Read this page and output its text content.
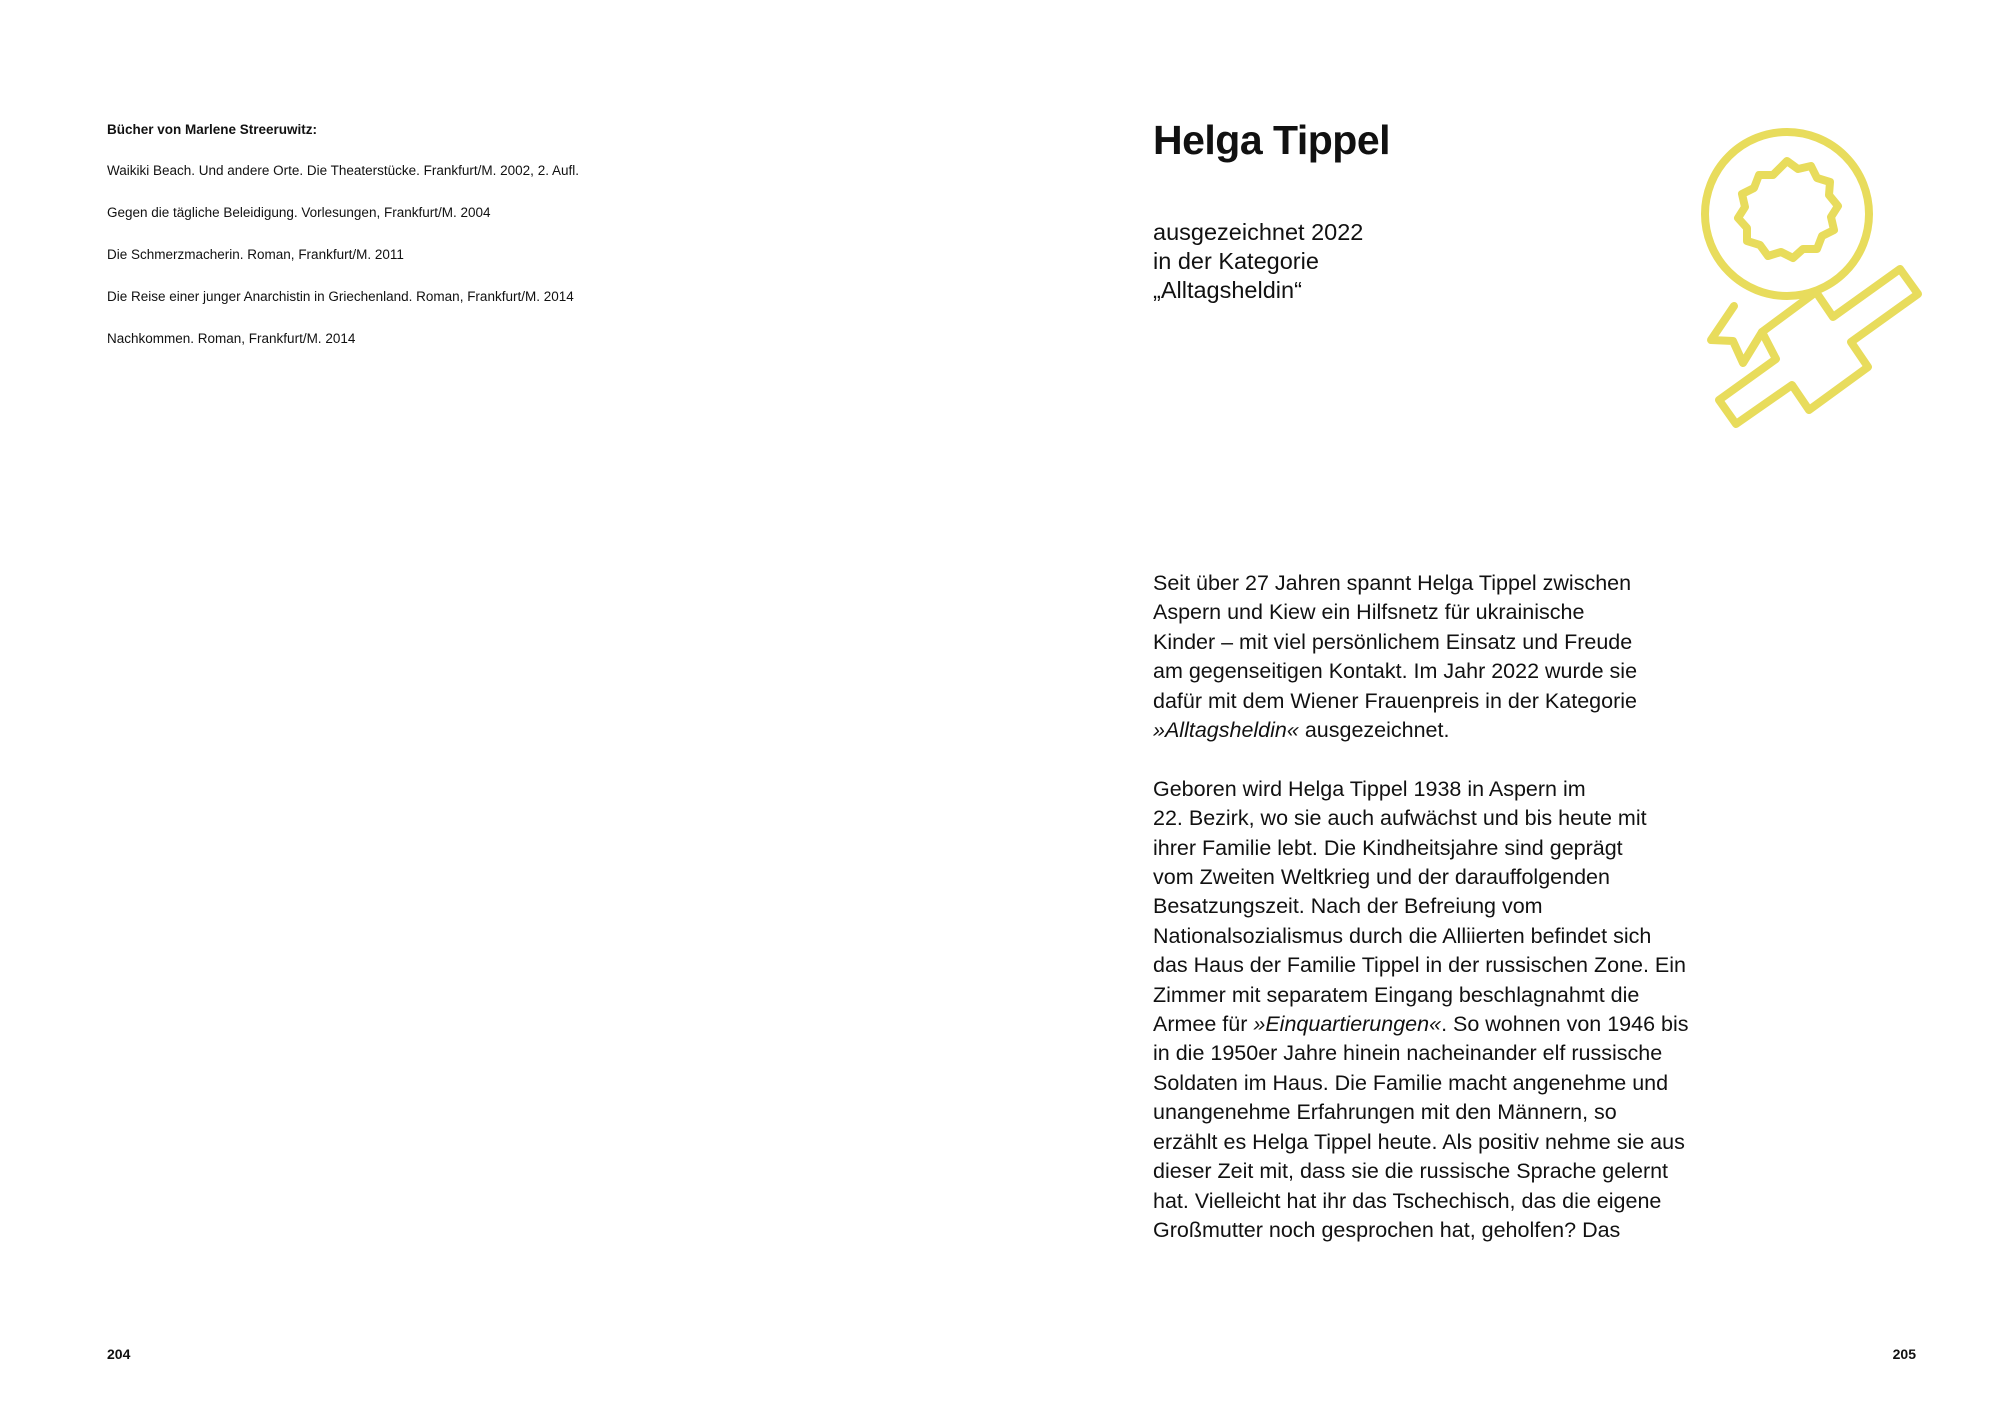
Bücher von Marlene Streeruwitz:
Waikiki Beach. Und andere Orte. Die Theaterstücke. Frankfurt/M. 2002, 2. Aufl.
Gegen die tägliche Beleidigung. Vorlesungen, Frankfurt/M. 2004
Die Schmerzmacherin. Roman, Frankfurt/M. 2011
Die Reise einer junger Anarchistin in Griechenland. Roman, Frankfurt/M. 2014
Nachkommen. Roman, Frankfurt/M. 2014
204
Helga Tippel
ausgezeichnet 2022
in der Kategorie
„Alltagsheldin“
Seit über 27 Jahren spannt Helga Tippel zwischen
Aspern und Kiew ein Hilfsnetz für ukrainische
Kinder – mit viel persönlichem Einsatz und Freude
am gegenseitigen Kontakt. Im Jahr 2022 wurde sie
dafür mit dem Wiener Frauenpreis in der Kategorie
»Alltagsheldin« ausgezeichnet.
Geboren wird Helga Tippel 1938 in Aspern im
22. Bezirk, wo sie auch aufwächst und bis heute mit
ihrer Familie lebt. Die Kindheitsjahre sind geprägt
vom Zweiten Weltkrieg und der darauffolgenden
Besatzungszeit. Nach der Befreiung vom
Nationalsozialismus durch die Alliierten befindet sich
das Haus der Familie Tippel in der russischen Zone. Ein
Zimmer mit separatem Eingang beschlagnahmt die
Armee für »Einquartierungen«. So wohnen von 1946 bis
in die 1950er Jahre hinein nacheinander elf russische
Soldaten im Haus. Die Familie macht angenehme und
unangenehme Erfahrungen mit den Männern, so
erzählt es Helga Tippel heute. Als positiv nehme sie aus
dieser Zeit mit, dass sie die russische Sprache gelernt
hat. Vielleicht hat ihr das Tschechisch, das die eigene
Großmutter noch gesprochen hat, geholfen? Das
205
